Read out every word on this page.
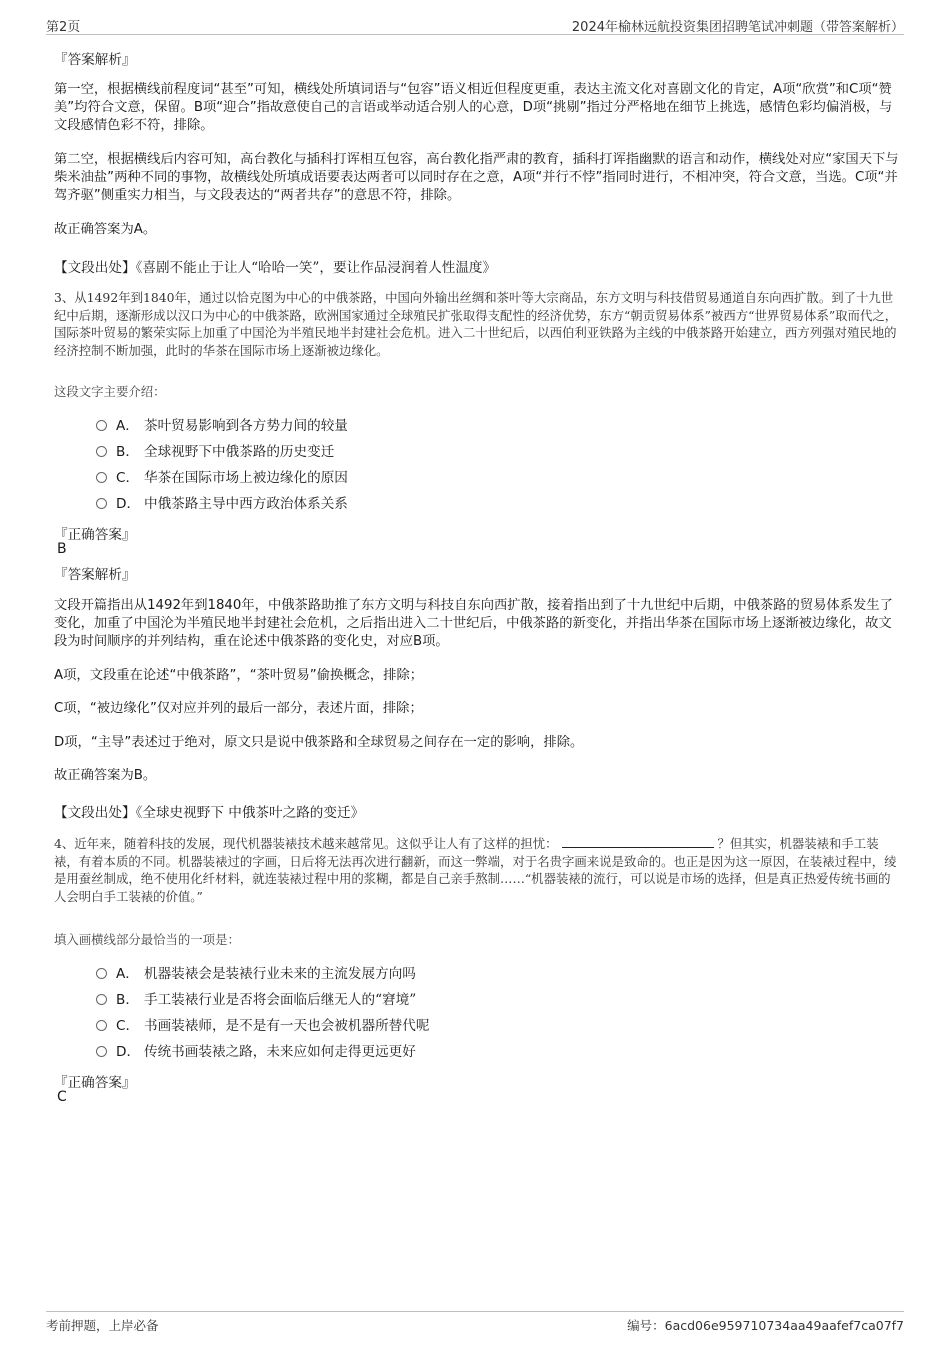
第2页	2024年榆林远航投资集团招聘笔试冲刺题（带答案解析）
『答案解析』
第一空，根据横线前程度词“甚至”可知，横线处所填词语与“包容”语义相近但程度更重，表达主流文化对喜剧文化的肯定，A项“欣赏”和C项“赞美”均符合文意，保留。B项“迎合”指故意使自己的言语或举动适合别人的心意，D项“挑剔”指过分严格地在细节上挑选，感情色彩均偏消极，与文段感情色彩不符，排除。
第二空，根据横线后内容可知，高台教化与插科打诨相互包容，高台教化指严肃的教育，插科打诨指幽默的语言和动作，横线处对应“家国天下与柴米油盐”两种不同的事物，故横线处所填成语要表达两者可以同时存在之意，A项“并行不悖”指同时进行，不相冲突，符合文意，当选。C项“并驾齐驱”侧重实力相当，与文段表达的“两者共存”的意思不符，排除。
故正确答案为A。
【文段出处】《喜剧不能止于让人“哈哈一笑”，要让作品浸润着人性温度》
3、从1492年到1840年，通过以恰克图为中心的中俄茶路，中国向外输出丝绸和茶叶等大宗商品，东方文明与科技借贸易通道自东向西扩散。到了十九世纪中后期，逐渐形成以汉口为中心的中俄茶路，欧洲国家通过全球殖民扩张取得支配性的经济优势，东方“朝贡贸易体系”被西方“世界贸易体系”取而代之，国际茶叶贸易的繁荣实际上加重了中国沦为半殖民地半封建社会危机。进入二十世纪后，以西伯利亚铁路为主线的中俄茶路开始建立，西方列强对殖民地的经济控制不断加强，此时的华茶在国际市场上逐渐被边缘化。
这段文字主要介绍：
A． 茶叶贸易影响到各方势力间的较量
B． 全球视野下中俄茶路的历史变迁
C． 华茶在国际市场上被边缘化的原因
D． 中俄茶路主导中西方政治体系关系
『正确答案』
B
『答案解析』
文段开篇指出从1492年到1840年，中俄茶路助推了东方文明与科技自东向西扩散，接着指出到了十九世纪中后期，中俄茶路的贸易体系发生了变化，加重了中国沦为半殖民地半封建社会危机，之后指出进入二十世纪后，中俄茶路的新变化，并指出华茶在国际市场上逐渐被边缘化，故文段为时间顺序的并列结构，重在论述中俄茶路的变化史，对应B项。
A项，文段重在论述“中俄茶路”，“茶叶贸易”偷换概念，排除；
C项，“被边缘化”仅对应并列的最后一部分，表述片面，排除；
D项，“主导”表述过于绝对，原文只是说中俄茶路和全球贸易之间存在一定的影响，排除。
故正确答案为B。
【文段出处】《全球史视野下 中俄茶叶之路的变迁》
4、近年来，随着科技的发展，现代机器装裱技术越来越常见。这似乎让人有了这样的担忧：	？但其实，机器装裱和手工装裱，有着本质的不同。机器装裱过的字画，日后将无法再次进行翻新，而这一弊端，对于名贵字画来说是致命的。也正是因为这一原因，在装裱过程中，绫是用蚕丝制成，绝不使用化纤材料，就连装裱过程中用的浆糊，都是自己亲手熬制……“机器装裱的流行，可以说是市场的选择，但是真正热爱传统书画的人会明白手工装裱的价值。”
填入画横线部分最恰当的一项是：
A． 机器装裱会是装裱行业未来的主流发展方向吗
B． 手工装裱行业是否将会面临后继无人的“窘境”
C． 书画装裱师，是不是有一天也会被机器所替代呢
D． 传统书画装裱之路，未来应如何走得更远更好
『正确答案』
C
考前押题，上岸必备	编号：6acd06e959710734aa49aafef7ca07f7
